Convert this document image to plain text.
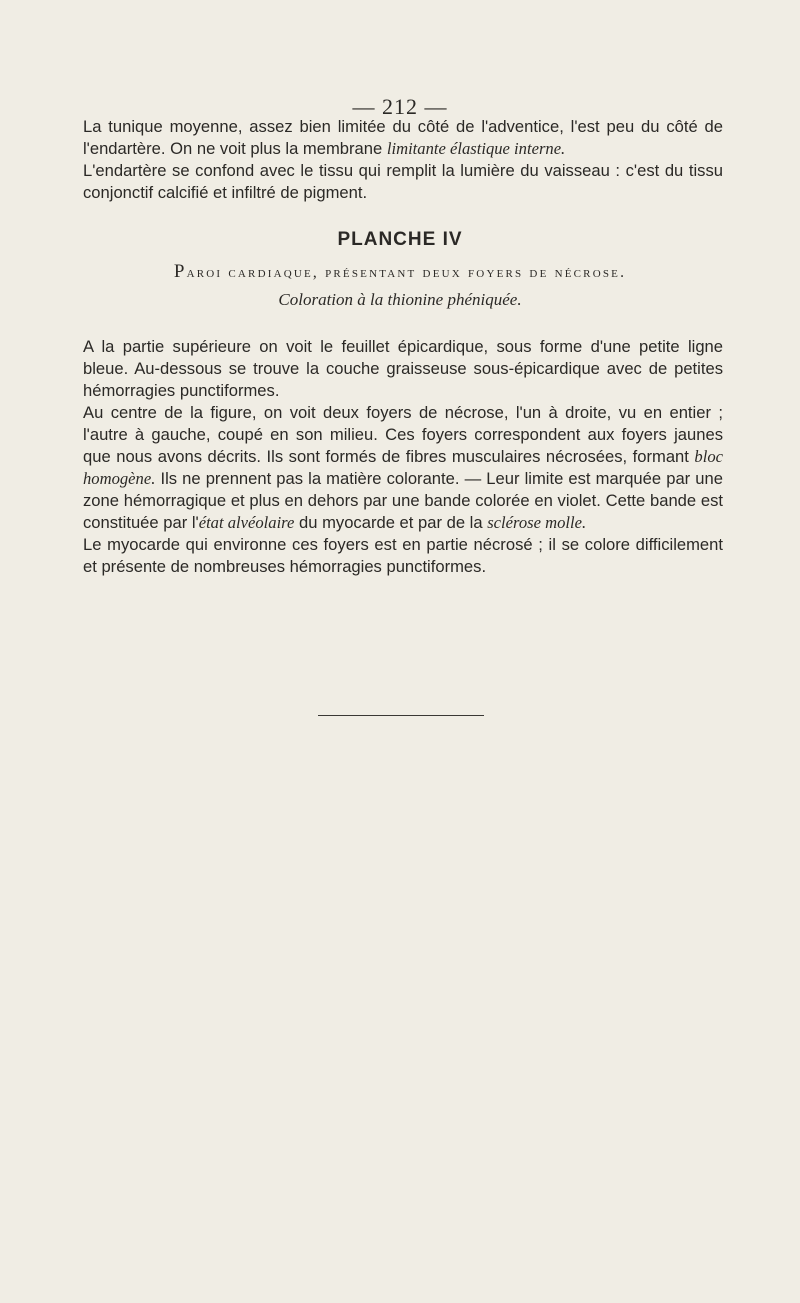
— 212 —

La tunique moyenne, assez bien limitée du côté de l'adventice, l'est peu du côté de l'endartère. On ne voit plus la membrane limitante élastique interne.

L'endartère se confond avec le tissu qui remplit la lumière du vaisseau : c'est du tissu conjonctif calcifié et infiltré de pigment.

PLANCHE IV
Paroi cardiaque, présentant deux foyers de nécrose.
Coloration à la thionine phéniquée.

A la partie supérieure on voit le feuillet épicardique, sous forme d'une petite ligne bleue. Au-dessous se trouve la couche graisseuse sous-épicardique avec de petites hémorragies punctiformes.

Au centre de la figure, on voit deux foyers de nécrose, l'un à droite, vu en entier ; l'autre à gauche, coupé en son milieu. Ces foyers correspondent aux foyers jaunes que nous avons décrits. Ils sont formés de fibres musculaires nécrosées, formant bloc homogène. Ils ne prennent pas la matière colorante. — Leur limite est marquée par une zone hémorragique et plus en dehors par une bande colorée en violet. Cette bande est constituée par l'état alvéolaire du myocarde et par de la sclérose molle.

Le myocarde qui environne ces foyers est en partie nécrosé ; il se colore difficilement et présente de nombreuses hémorragies punctiformes.
